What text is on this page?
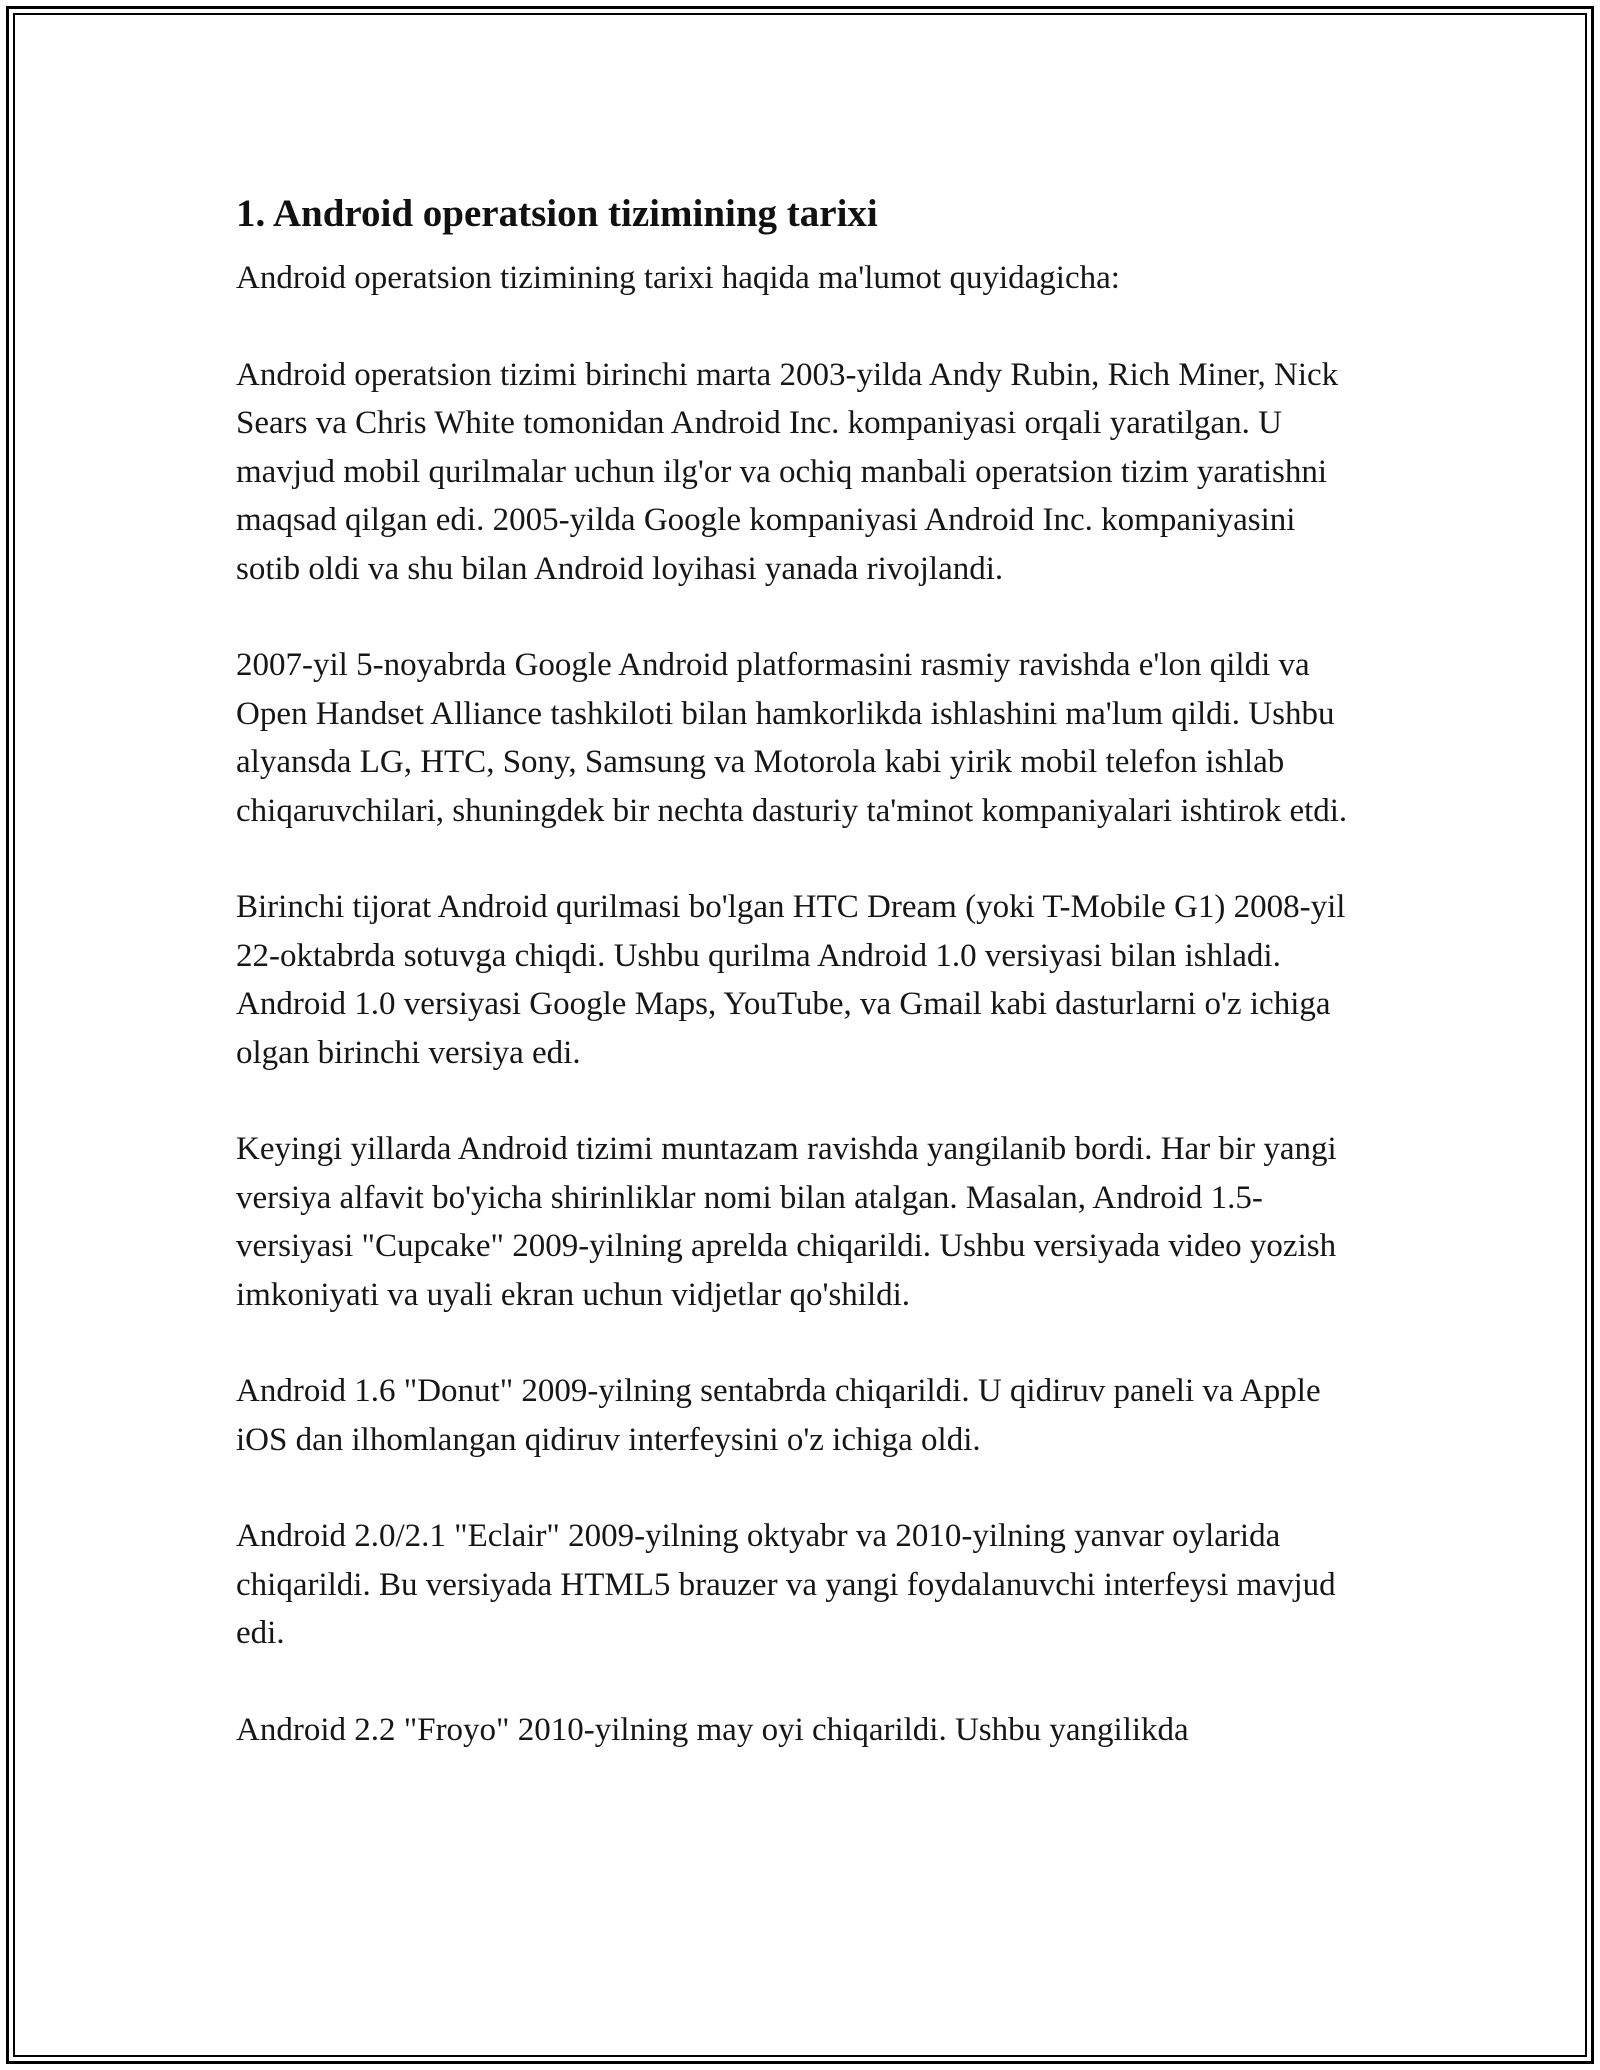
1. Android operatsion tizimining tarixi

Android operatsion tizimining tarixi haqida ma'lumot quyidagicha:

Android operatsion tizimi birinchi marta 2003-yilda Andy Rubin, Rich Miner, Nick Sears va Chris White tomonidan Android Inc. kompaniyasi orqali yaratilgan. U mavjud mobil qurilmalar uchun ilg'or va ochiq manbali operatsion tizim yaratishni maqsad qilgan edi. 2005-yilda Google kompaniyasi Android Inc. kompaniyasini sotib oldi va shu bilan Android loyihasi yanada rivojlandi.

2007-yil 5-noyabrda Google Android platformasini rasmiy ravishda e'lon qildi va Open Handset Alliance tashkiloti bilan hamkorlikda ishlashini ma'lum qildi. Ushbu alyansda LG, HTC, Sony, Samsung va Motorola kabi yirik mobil telefon ishlab chiqaruvchilari, shuningdek bir nechta dasturiy ta'minot kompaniyalari ishtirok etdi.

Birinchi tijorat Android qurilmasi bo'lgan HTC Dream (yoki T-Mobile G1) 2008-yil 22-oktabrda sotuvga chiqdi. Ushbu qurilma Android 1.0 versiyasi bilan ishladi. Android 1.0 versiyasi Google Maps, YouTube, va Gmail kabi dasturlarni o'z ichiga olgan birinchi versiya edi.

Keyingi yillarda Android tizimi muntazam ravishda yangilanib bordi. Har bir yangi versiya alfavit bo'yicha shirinliklar nomi bilan atalgan. Masalan, Android 1.5-versiyasi "Cupcake" 2009-yilning aprelda chiqarildi. Ushbu versiyada video yozish imkoniyati va uyali ekran uchun vidjetlar qo'shildi.

Android 1.6 "Donut" 2009-yilning sentabrda chiqarildi. U qidiruv paneli va Apple iOS dan ilhomlangan qidiruv interfeysini o'z ichiga oldi.

Android 2.0/2.1 "Eclair" 2009-yilning oktyabr va 2010-yilning yanvar oylarida chiqarildi. Bu versiyada HTML5 brauzer va yangi foydalanuvchi interfeysi mavjud edi.

Android 2.2 "Froyo" 2010-yilning may oyi chiqarildi. Ushbu yangilikda
